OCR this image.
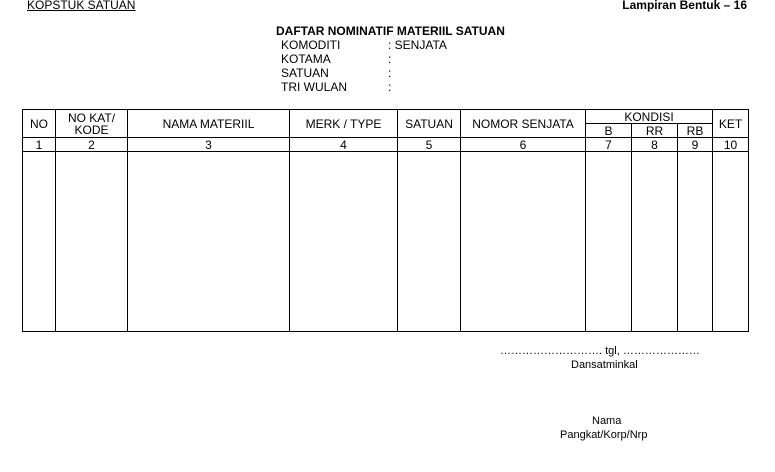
KOPSTUK SATUAN	Lampiran Bentuk – 16
DAFTAR NOMINATIF MATERIIL SATUAN
KOMODITI	: SENJATA
KOTAMA	:
SATUAN	:
TRI WULAN	:
NO	NO KAT/ KODE	NAMA MATERIIL	MERK / TYPE	SATUAN	NOMOR SENJATA	KONDISI			KET
						B	RR	RB	
1	2	3	4	5	6	7	8	9	10

………………………. tgl, …………………
Dansatminkal
Nama
Pangkat/Korp/Nrp
